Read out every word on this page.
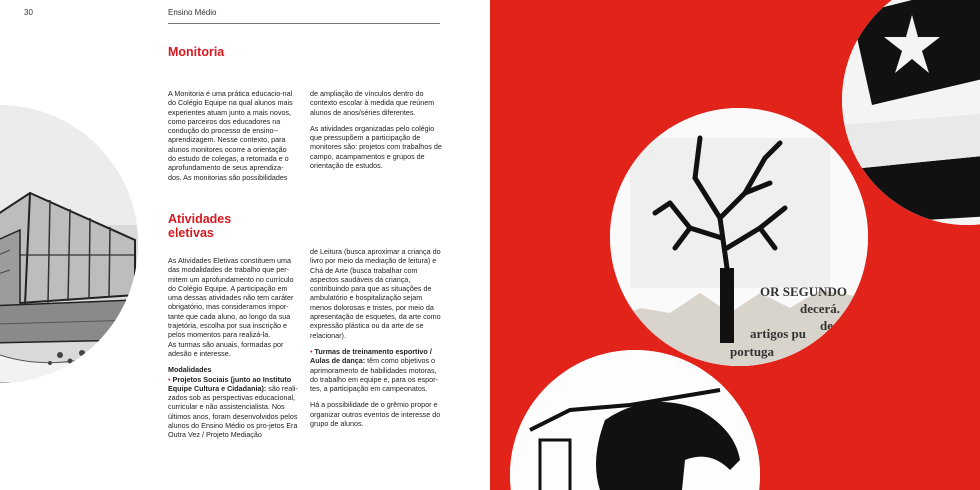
30	Ensino Médio
Monitoria

A Monitoria é uma prática educacio-nal do Colégio Equipe na qual alunos mais experientes atuam junto a mais novos, como parceiros dos educadores na condução do processo de ensino--aprendizagem. Nesse contexto, para alunos monitores ocorre a orientação do estudo de colegas, a retomada e o aprofundamento de seus aprendiza-dos. As monitorias são possibilidades

de ampliação de vínculos dentro do contexto escolar à medida que reúnem alunos de anos/séries diferentes.

As atividades organizadas pelo colégio que pressupõem a participação de monitores são: projetos com trabalhos de campo, acampamentos e grupos de orientação de estudos.

Atividades
eletivas

As Atividades Eletivas constituem uma das modalidades de trabalho que per-mitem um aprofundamento no currículo do Colégio Equipe. A participação em uma dessas atividades não tem caráter obrigatório, mas consideramos impor-tante que cada aluno, ao longo da sua trajetória, escolha por sua inscrição e pelos momentos para realizá-la.

As turmas são anuais, formadas por adesão e interesse.

Modalidades
• Projetos Sociais (junto ao Instituto Equipe Cultura e Cidadania): são reali-zados sob as perspectivas educacional, curricular e não assistencialista. Nos últimos anos, foram desenvolvidos pelos alunos do Ensino Médio os pro-jetos Era Outra Vez / Projeto Mediação

de Leitura (busca aproximar a criança do livro por meio da mediação de leitura) e Chá de Arte (busca trabalhar com aspectos saudáveis da criança, contribuindo para que as situações de ambulatório e hospitalização sejam menos dolorosas e tristes, por meio da apresentação de esquetes, da arte como expressão plástica ou da arte de se relacionar).

• Turmas de treinamento esportivo / Aulas de dança: têm como objetivos o aprimoramento de habilidades motoras, do trabalho em equipe e, para os espor-tes, a participação em campeonatos.

Há a possibilidade de o grêmio propor e organizar outros eventos de interesse do grupo de alunos.

decerá.
de um
artigos pu
OR SEGUNDO
ito
portuga
